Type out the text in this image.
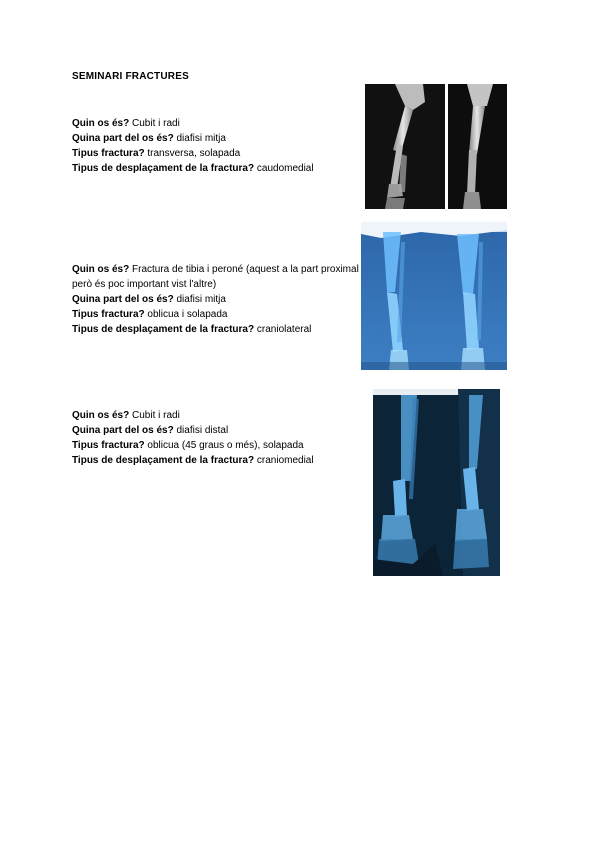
SEMINARI FRACTURES
Quin os és? Cubit i radi
Quina part del os és? diafisi mitja
Tipus fractura? transversa, solapada
Tipus de desplaçament de la fractura? caudomedial
Quin os és? Fractura de tibia i peroné (aquest a la part proximal però és poc important vist l'altre)
Quina part del os és? diafisi mitja
Tipus fractura? oblicua i solapada
Tipus de desplaçament de la fractura? craniolateral
Quin os és? Cubit i radi
Quina part del os és? diafisi distal
Tipus fractura? oblicua (45 graus o més), solapada
Tipus de desplaçament de la fractura? craniomedial
